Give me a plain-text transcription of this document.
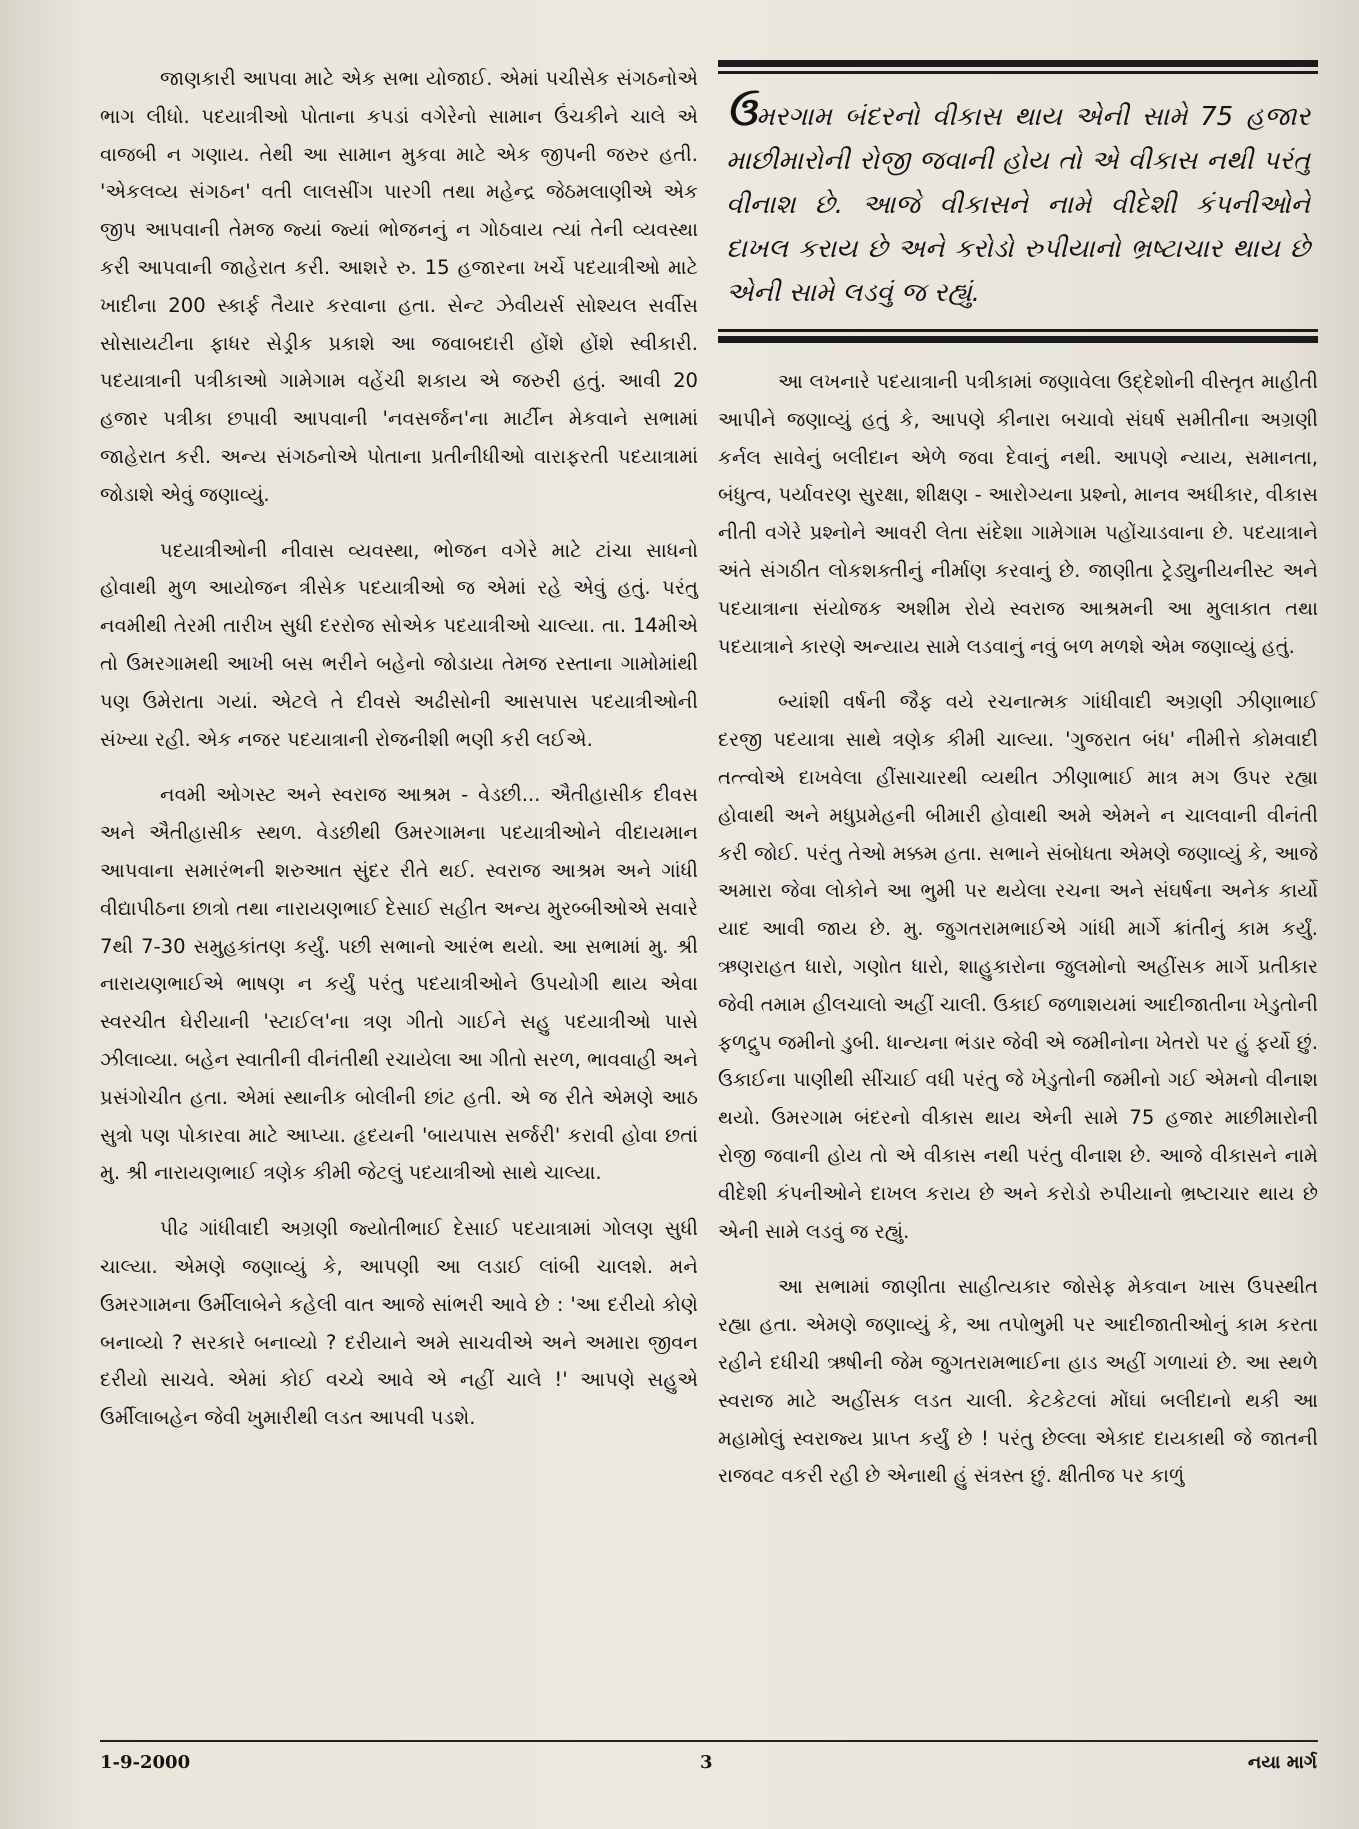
જાણકારી આપવા માટે એક સભા યોજાઈ. એમાં પચીસેક સંગઠનોએ ભાગ લીધો. પદયાત્રીઓ પોતાના કપડાં વગેરેનો સામાન ઉંચકીને ચાલે એ વાજબી ન ગણાય. તેથી આ સામાન મુકવા માટે એક જીપની જરુર હતી. 'એકલવ્ય સંગઠન' વતી લાલસીંગ પારગી તથા મહેન્દ્ર જેઠમલાણીએ એક જીપ આપવાની તેમજ જ્યાં જ્યાં ભોજનનું ન ગોઠવાય ત્યાં તેની વ્યવસ્થા કરી આપવાની જાહેરાત કરી. આશરે રુ. 15 હજારના ખર્ચે પદયાત્રીઓ માટે ખાદીના 200 સ્કાર્ફ તૈયાર કરવાના હતા. સેન્ટ ઝેવીયર્સ સોશ્યલ સર્વીસ સોસાયટીના ફાધર સેડ્રીક પ્રકાશે આ જવાબદારી હોંશે હોંશે સ્વીકારી. પદયાત્રાની પત્રીકાઓ ગામેગામ વહેંચી શકાય એ જરુરી હતું. આવી 20 હજાર પત્રીકા છપાવી આપવાની 'નવસર્જન'ના માર્ટીન મેકવાને સભામાં જાહેરાત કરી. અન્ય સંગઠનોએ પોતાના પ્રતીનીધીઓ વારાફરતી પદયાત્રામાં જોડાશે એવું જણાવ્યું.

પદયાત્રીઓની નીવાસ વ્યવસ્થા, ભોજન વગેરે માટે ટાંચા સાધનો હોવાથી મુળ આયોજન ત્રીસેક પદયાત્રીઓ જ એમાં રહે એવું હતું. પરંતુ નવમીથી તેરમી તારીખ સુધી દરરોજ સોએક પદયાત્રીઓ ચાલ્યા. તા. 14મીએ તો ઉમરગામથી આખી બસ ભરીને બહેનો જોડાયા તેમજ રસ્તાના ગામોમાંથી પણ ઉમેરાતા ગયાં. એટલે તે દીવસે અઢીસોની આસપાસ પદયાત્રીઓની સંખ્યા રહી. એક નજર પદયાત્રાની રોજનીશી ભણી કરી લઈએ.

નવમી ઓગસ્ટ અને સ્વરાજ આશ્રમ - વેડછી... ઐતીહાસીક દીવસ અને ઐતીહાસીક સ્થળ. વેડછીથી ઉમરગામના પદયાત્રીઓને વીદાયમાન આપવાના સમારંભની શરુઆત સુંદર રીતે થઈ. સ્વરાજ આશ્રમ અને ગાંધી વીદ્યાપીઠના છાત્રો તથા નારાયણભાઈ દેસાઈ સહીત અન્ય મુરબ્બીઓએ સવારે 7થી 7-30 સમુહકાંતણ કર્યું. પછી સભાનો આરંભ થયો. આ સભામાં મુ. શ્રી નારાયણભાઈએ ભાષણ ન કર્યું પરંતુ પદયાત્રીઓને ઉપયોગી થાય એવા સ્વરચીત ઘેરીયાની 'સ્ટાઈલ'ના ત્રણ ગીતો ગાઈને સહુ પદયાત્રીઓ પાસે ઝીલાવ્યા. બહેન સ્વાતીની વીનંતીથી રચાયેલા આ ગીતો સરળ, ભાવવાહી અને પ્રસંગોચીત હતા. એમાં સ્થાનીક બોલીની છાંટ હતી. એ જ રીતે એમણે આઠ સુત્રો પણ પોકારવા માટે આપ્યા. હૃદયની 'બાયપાસ સર્જરી' કરાવી હોવા છતાં મુ. શ્રી નારાયણભાઈ ત્રણેક કીમી જેટલું પદયાત્રીઓ સાથે ચાલ્યા.

પીઢ ગાંધીવાદી અગ્રણી જ્યોતીભાઈ દેસાઈ પદયાત્રામાં ગોલણ સુધી ચાલ્યા. એમણે જણાવ્યું કે, આપણી આ લડાઈ લાંબી ચાલશે. મને ઉમરગામના ઉર્મીલાબેને કહેલી વાત આજે સાંભરી આવે છે : 'આ દરીયો કોણે બનાવ્યો ? સરકારે બનાવ્યો ? દરીયાને અમે સાચવીએ અને અમારા જીવન દરીયો સાચવે. એમાં કોઈ વચ્ચે આવે એ નહીં ચાલે !' આપણે સહુએ ઉર્મીલાબહેન જેવી ખુમારીથી લડત આપવી પડશે.

ઉમરગામ બંદરનો વીકાસ થાય એની સામે 75 હજાર માછીમારોની રોજી જવાની હોય તો એ વીકાસ નથી પરંતુ વીનાશ છે. આજે વીકાસને નામે વીદેશી કંપનીઓને દાખલ કરાય છે અને કરોડો રુપીયાનો ભ્રષ્ટાચાર થાય છે એની સામે લડવું જ રહ્યું.

આ લખનારે પદયાત્રાની પત્રીકામાં જણાવેલા ઉદ્દેશોની વીસ્તૃત માહીતી આપીને જણાવ્યું હતું કે, આપણે કીનારા બચાવો સંઘર્ષ સમીતીના અગ્રણી કર્નલ સાવેનું બલીદાન એળે જવા દેવાનું નથી. આપણે ન્યાય, સમાનતા, બંધુત્વ, પર્યાવરણ સુરક્ષા, શીક્ષણ - આરોગ્યના પ્રશ્નો, માનવ અધીકાર, વીકાસ નીતી વગેરે પ્રશ્નોને આવરી લેતા સંદેશા ગામેગામ પહોંચાડવાના છે. પદયાત્રાને અંતે સંગઠીત લોકશક્તીનું નીર્માણ કરવાનું છે. જાણીતા ટ્રેડ્યુનીયનીસ્ટ અને પદયાત્રાના સંયોજક અશીમ રોયે સ્વરાજ આશ્રમની આ મુલાકાત તથા પદયાત્રાને કારણે અન્યાય સામે લડવાનું નવું બળ મળશે એમ જણાવ્યું હતું.

બ્યાંશી વર્ષની જૈફ વયે રચનાત્મક ગાંધીવાદી અગ્રણી ઝીણાભાઈ દરજી પદયાત્રા સાથે ત્રણેક કીમી ચાલ્યા. 'ગુજરાત બંધ' નીમીત્તે કોમવાદી તત્ત્વોએ દાખવેલા હીંસાચારથી વ્યથીત ઝીણાભાઈ માત્ર મગ ઉપર રહ્યા હોવાથી અને મધુપ્રમેહની બીમારી હોવાથી અમે એમને ન ચાલવાની વીનંતી કરી જોઈ. પરંતુ તેઓ મક્કમ હતા. સભાને સંબોધતા એમણે જણાવ્યું કે, આજે અમારા જેવા લોકોને આ ભુમી પર થયેલા રચના અને સંઘર્ષના અનેક કાર્યો યાદ આવી જાય છે. મુ. જુગતરામભાઈએ ગાંધી માર્ગે ક્રાંતીનું કામ કર્યું. ઋણરાહત ધારો, ગણોત ધારો, શાહુકારોના જુલમોનો અહીંસક માર્ગે પ્રતીકાર જેવી તમામ હીલચાલો અહીં ચાલી. ઉકાઈ જળાશયમાં આદીજાતીના ખેડુતોની ફળદ્રુપ જમીનો ડુબી. ધાન્યના ભંડાર જેવી એ જમીનોના ખેતરો પર હું ફર્યો છું. ઉકાઈના પાણીથી સીંચાઈ વધી પરંતુ જે ખેડુતોની જમીનો ગઈ એમનો વીનાશ થયો. ઉમરગામ બંદરનો વીકાસ થાય એની સામે 75 હજાર માછીમારોની રોજી જવાની હોય તો એ વીકાસ નથી પરંતુ વીનાશ છે. આજે વીકાસને નામે વીદેશી કંપનીઓને દાખલ કરાય છે અને કરોડો રુપીયાનો ભ્રષ્ટાચાર થાય છે એની સામે લડવું જ રહ્યું.

આ સભામાં જાણીતા સાહીત્યકાર જોસેફ મેકવાન ખાસ ઉપસ્થીત રહ્યા હતા. એમણે જણાવ્યું કે, આ તપોભુમી પર આદીજાતીઓનું કામ કરતા રહીને દધીચી ઋષીની જેમ જુગતરામભાઈના હાડ અહીં ગળાયાં છે. આ સ્થળે સ્વરાજ માટે અહીંસક લડત ચાલી. કેટકેટલાં મોંઘાં બલીદાનો થકી આ મહામોલું સ્વરાજ્ય પ્રાપ્ત કર્યું છે ! પરંતુ છેલ્લા એકાદ દાયકાથી જે જાતની રાજવટ વકરી રહી છે એનાથી હું સંત્રસ્ત છું. ક્ષીતીજ પર કાળું

1-9-2000	3	નયા માર્ગ
